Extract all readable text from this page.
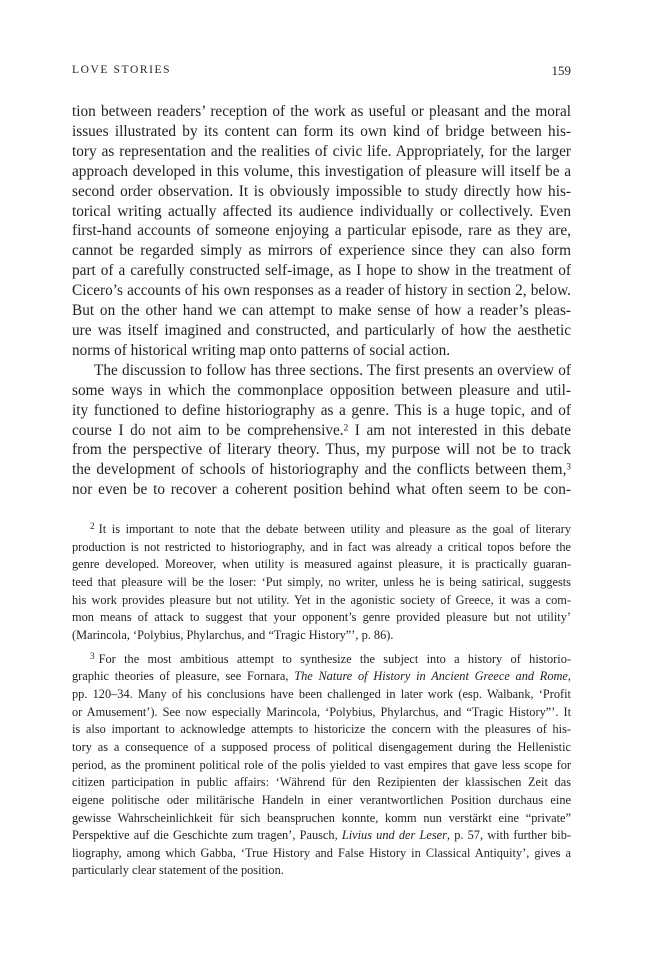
LOVE STORIES	159
tion between readers’ reception of the work as useful or pleasant and the moral
issues illustrated by its content can form its own kind of bridge between his-
tory as representation and the realities of civic life. Appropriately, for the larger
approach developed in this volume, this investigation of pleasure will itself be a
second order observation. It is obviously impossible to study directly how his-
torical writing actually affected its audience individually or collectively. Even
first-hand accounts of someone enjoying a particular episode, rare as they are,
cannot be regarded simply as mirrors of experience since they can also form
part of a carefully constructed self-image, as I hope to show in the treatment of
Cicero’s accounts of his own responses as a reader of history in section 2, below.
But on the other hand we can attempt to make sense of how a reader’s pleas-
ure was itself imagined and constructed, and particularly of how the aesthetic
norms of historical writing map onto patterns of social action.
The discussion to follow has three sections. The first presents an overview of
some ways in which the commonplace opposition between pleasure and util-
ity functioned to define historiography as a genre. This is a huge topic, and of
course I do not aim to be comprehensive.$^2$ I am not interested in this debate
from the perspective of literary theory. Thus, my purpose will not be to track
the development of schools of historiography and the conflicts between them,$^3$
nor even be to recover a coherent position behind what often seem to be con-
$^2$ It is important to note that the debate between utility and pleasure as the goal of literary
production is not restricted to historiography, and in fact was already a critical topos before the
genre developed. Moreover, when utility is measured against pleasure, it is practically guaran-
teed that pleasure will be the loser: ‘Put simply, no writer, unless he is being satirical, suggests
his work provides pleasure but not utility. Yet in the agonistic society of Greece, it was a com-
mon means of attack to suggest that your opponent’s genre provided pleasure but not utility’
(Marincola, ‘Polybius, Phylarchus, and “Tragic History”’, p. 86).
$^3$ For the most ambitious attempt to synthesize the subject into a history of historio-
graphic theories of pleasure, see Fornara, The Nature of History in Ancient Greece and Rome,
pp. 120–34. Many of his conclusions have been challenged in later work (esp. Walbank, ‘Profit
or Amusement’). See now especially Marincola, ‘Polybius, Phylarchus, and “Tragic History”’. It
is also important to acknowledge attempts to historicize the concern with the pleasures of his-
tory as a consequence of a supposed process of political disengagement during the Hellenistic
period, as the prominent political role of the polis yielded to vast empires that gave less scope for
citizen participation in public affairs: ‘Während für den Rezipienten der klassischen Zeit das
eigene politische oder militärische Handeln in einer verantwortlichen Position durchaus eine
gewisse Wahrscheinlichkeit für sich beanspruchen konnte, komm nun verstärkt eine “private”
Perspektive auf die Geschichte zum tragen’, Pausch, Livius und der Leser, p. 57, with further bib-
liography, among which Gabba, ‘True History and False History in Classical Antiquity’, gives a
particularly clear statement of the position.
